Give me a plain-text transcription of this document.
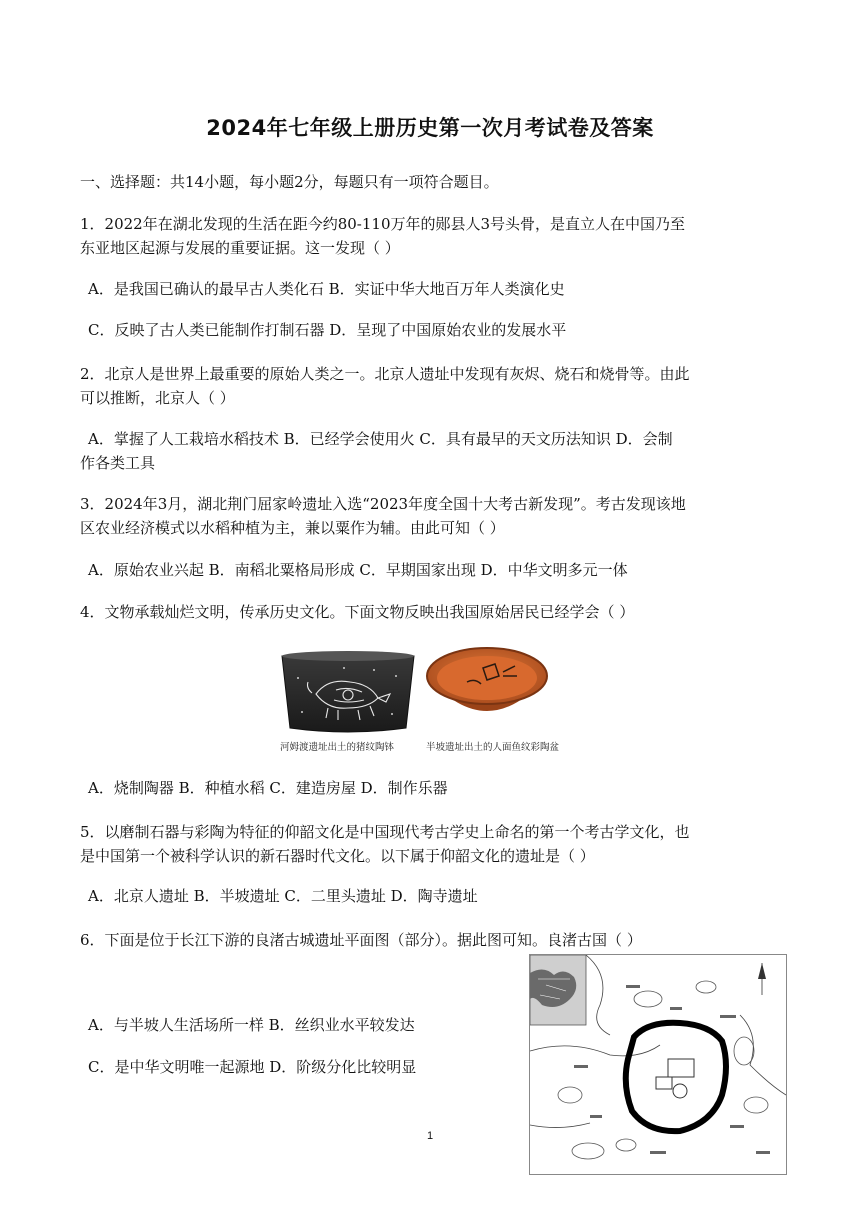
2024年七年级上册历史第一次月考试卷及答案
一、选择题：共14小题，每小题2分，每题只有一项符合题目。
1．2022年在湖北发现的生活在距今约80-110万年的郧县人3号头骨，是直立人在中国乃至
东亚地区起源与发展的重要证据。这一发现（ ）
A．是我国已确认的最早古人类化石 B．实证中华大地百万年人类演化史
C．反映了古人类已能制作打制石器 D．呈现了中国原始农业的发展水平
2．北京人是世界上最重要的原始人类之一。北京人遗址中发现有灰烬、烧石和烧骨等。由此
可以推断，北京人（ ）
A．掌握了人工栽培水稻技术 B．已经学会使用火 C．具有最早的天文历法知识 D．会制
作各类工具
3．2024年3月，湖北荆门屈家岭遗址入选“2023年度全国十大考古新发现”。考古发现该地
区农业经济模式以水稻种植为主，兼以粟作为辅。由此可知（ ）
A．原始农业兴起 B．南稻北粟格局形成 C．早期国家出现 D．中华文明多元一体
4．文物承载灿烂文明，传承历史文化。下面文物反映出我国原始居民已经学会（ ）
河姆渡遗址出土的猪纹陶钵	半坡遗址出土的人面鱼纹彩陶盆
A．烧制陶器 B．种植水稻 C．建造房屋 D．制作乐器
5．以磨制石器与彩陶为特征的仰韶文化是中国现代考古学史上命名的第一个考古学文化，也
是中国第一个被科学认识的新石器时代文化。以下属于仰韶文化的遗址是（ ）
A．北京人遗址 B．半坡遗址 C．二里头遗址 D．陶寺遗址
6．下面是位于长江下游的良渚古城遗址平面图（部分）。据此图可知。良渚古国（ ）
A．与半坡人生活场所一样 B．丝织业水平较发达
C．是中华文明唯一起源地 D．阶级分化比较明显
1
